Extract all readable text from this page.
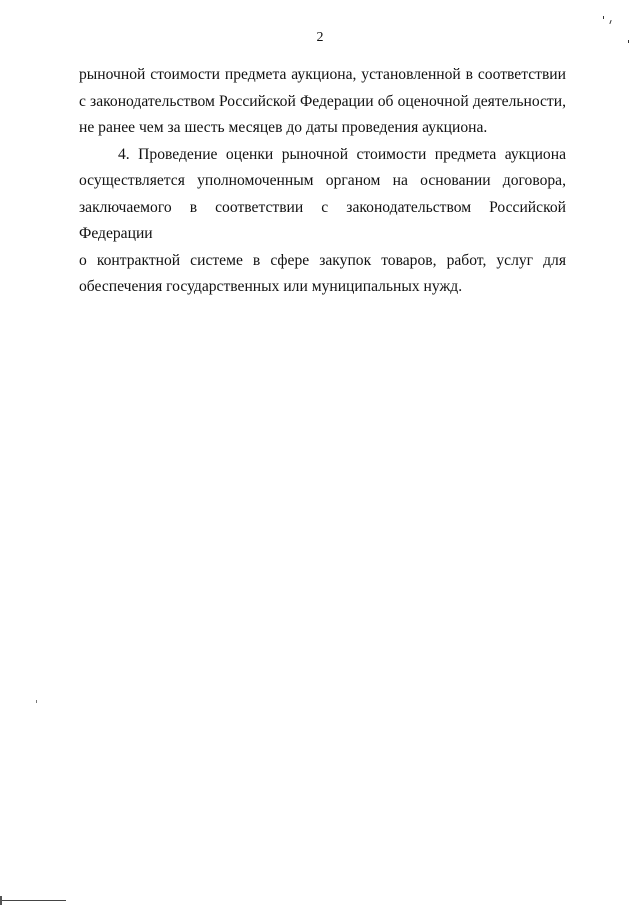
2

рыночной стоимости предмета аукциона, установленной в соответствии
с законодательством Российской Федерации об оценочной деятельности,
не ранее чем за шесть месяцев до даты проведения аукциона.

4. Проведение оценки рыночной стоимости предмета аукциона
осуществляется уполномоченным органом на основании договора,
заключаемого в соответствии с законодательством Российской Федерации
о контрактной системе в сфере закупок товаров, работ, услуг для
обеспечения государственных или муниципальных нужд.
